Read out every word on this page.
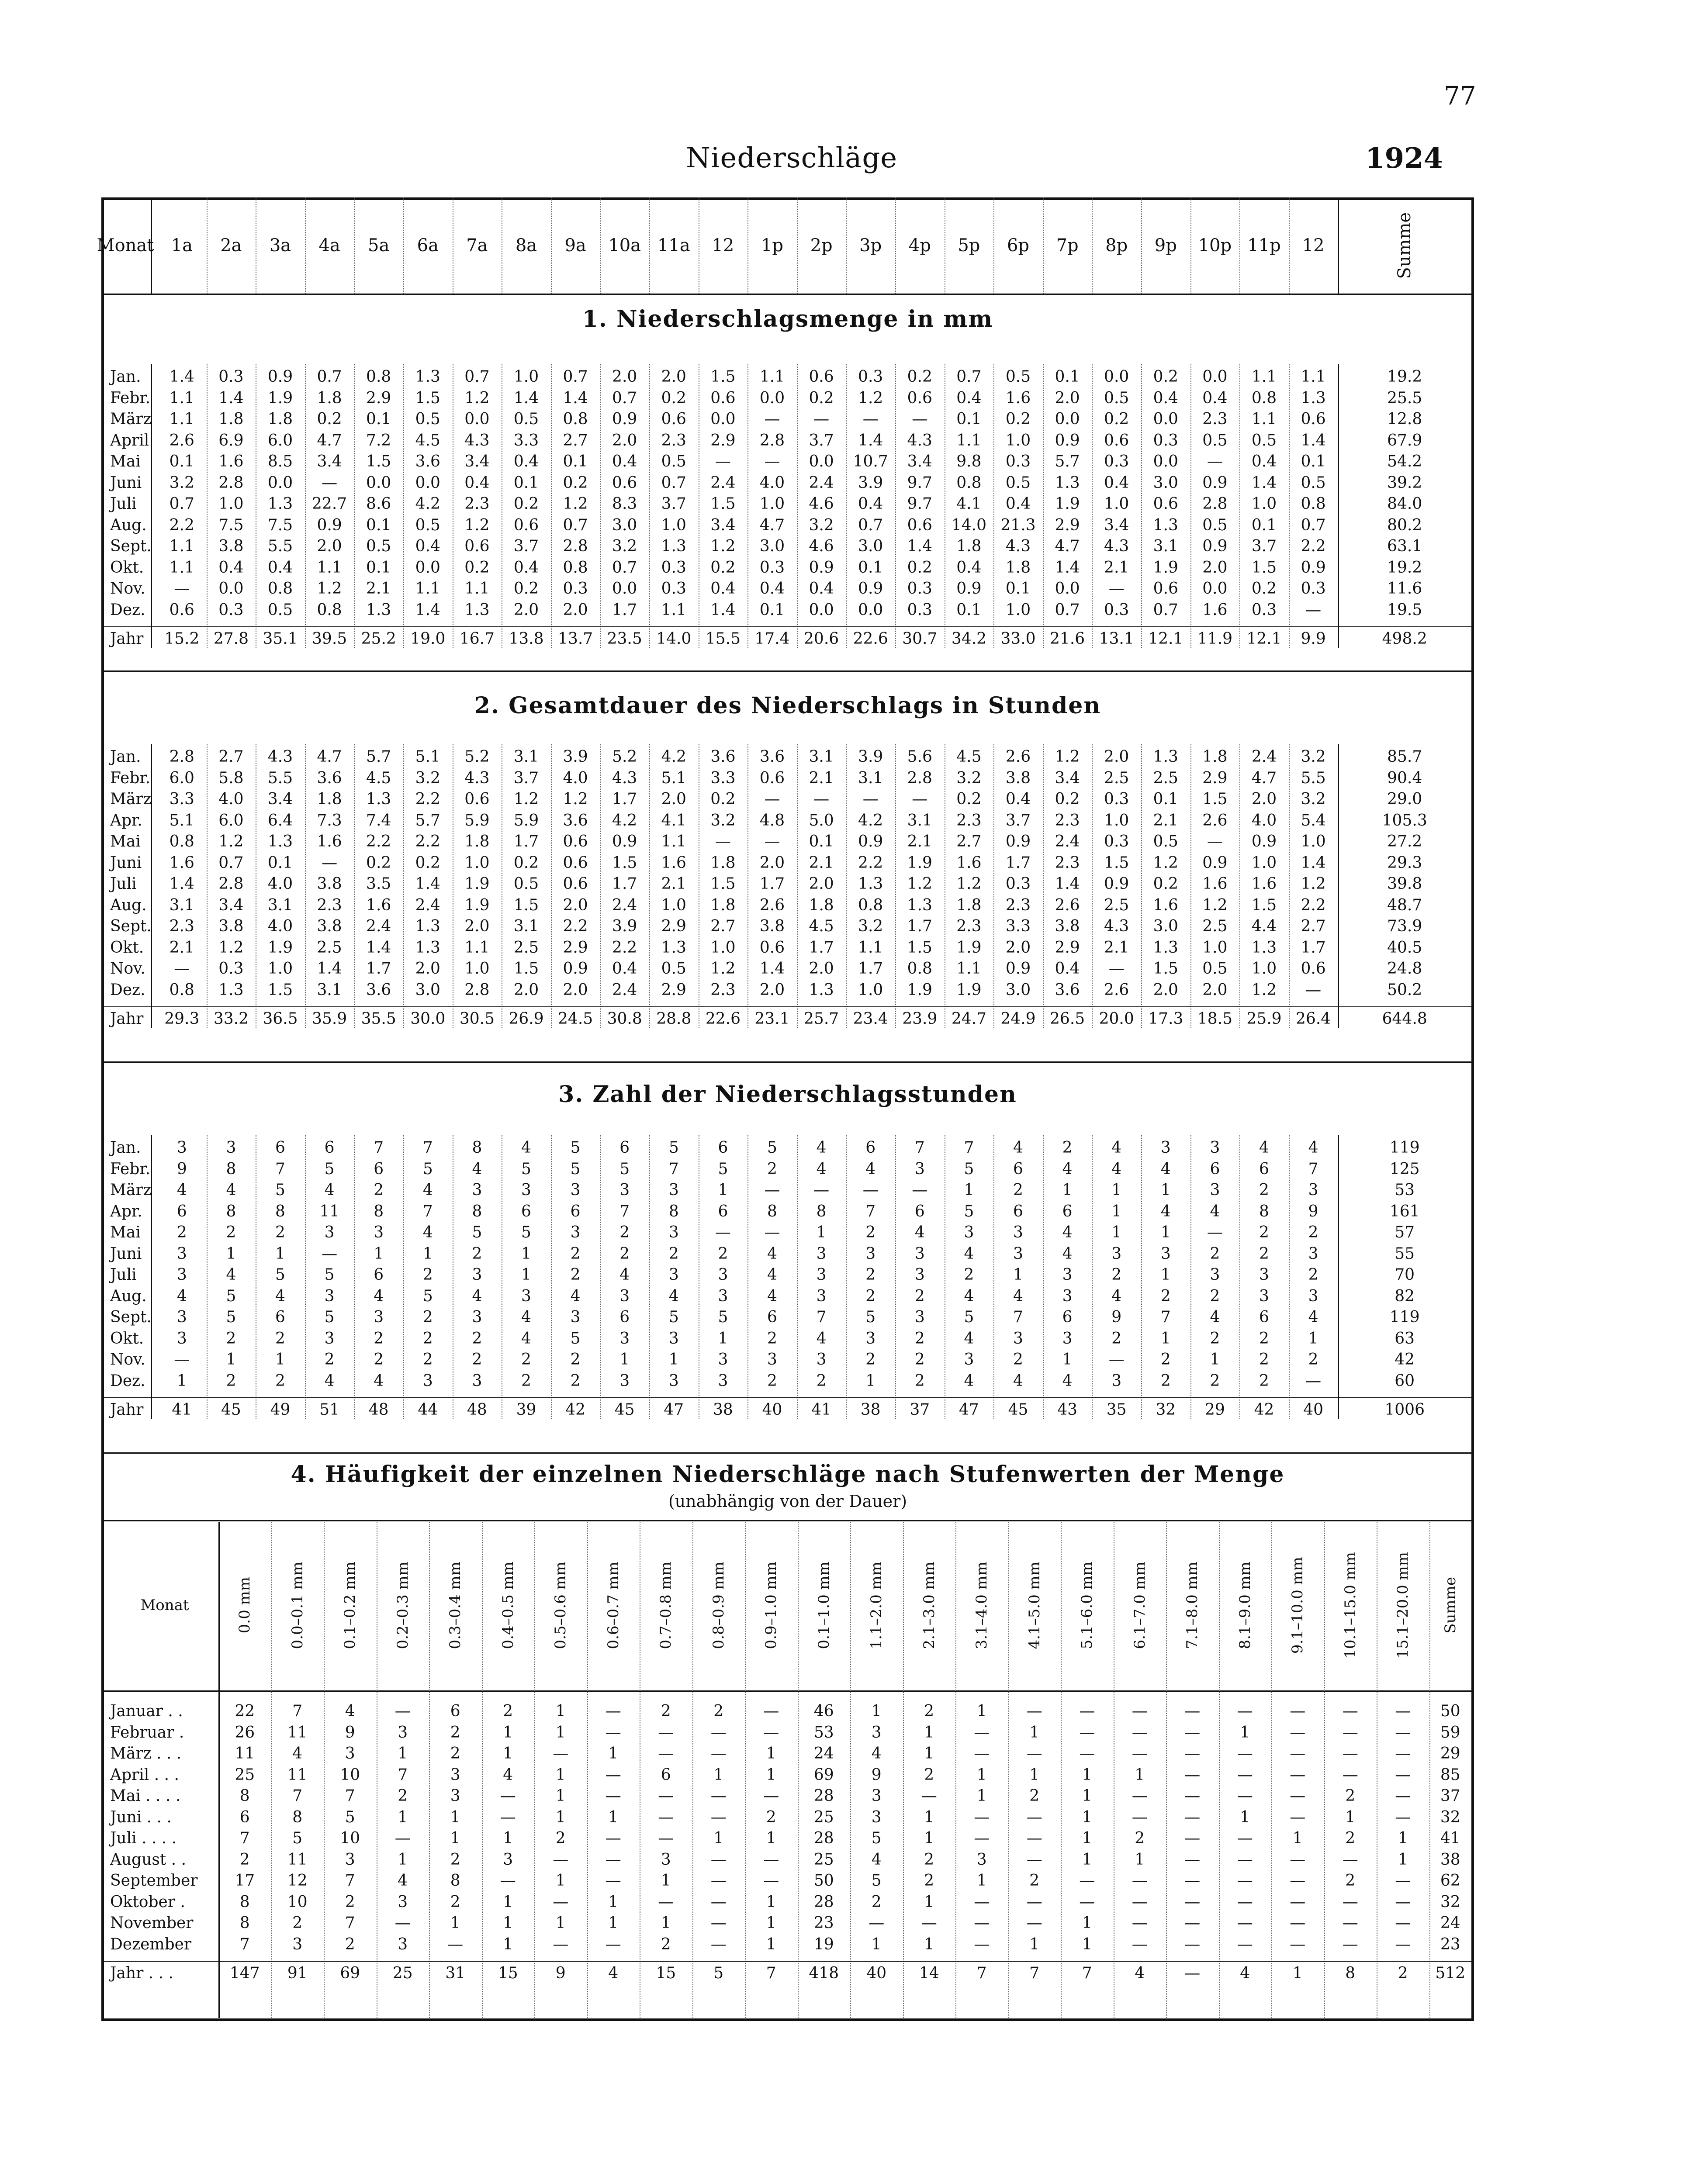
77
Niederschläge	1924
Monat 1a	2a	3a	4a	5a	6a	7a	8a	9a	10a 11a	12	1p	2p	3p	4p	5p	6p	7p	8p	9p	10p 11p	12	Summe
1. Niederschlagsmenge in mm
Jan.	1.4	0.3	0.9	0.7	0.8	1.3	0.7	1.0	0.7	2.0	2.0	1.5	1.1	0.6	0.3	0.2	0.7	0.5	0.1	0.0	0.2	0.0	1.1	1.1	19.2
Febr.	1.1	1.4	1.9	1.8	2.9	1.5	1.2	1.4	1.4	0.7	0.2	0.6	0.0	0.2	1.2	0.6	0.4	1.6	2.0	0.5	0.4	0.4	0.8	1.3	25.5
März	1.1	1.8	1.8	0.2	0.1	0.5	0.0	0.5	0.8	0.9	0.6	0.0	—	—	—	—	0.1	0.2	0.0	0.2	0.0	2.3	1.1	0.6	12.8
April	2.6	6.9	6.0	4.7	7.2	4.5	4.3	3.3	2.7	2.0	2.3	2.9	2.8	3.7	1.4	4.3	1.1	1.0	0.9	0.6	0.3	0.5	0.5	1.4	67.9
Mai	0.1	1.6	8.5	3.4	1.5	3.6	3.4	0.4	0.1	0.4	0.5	—	—	0.0	10.7	3.4	9.8	0.3	5.7	0.3	0.0	—	0.4	0.1	54.2
Juni	3.2	2.8	0.0	—	0.0	0.0	0.4	0.1	0.2	0.6	0.7	2.4	4.0	2.4	3.9	9.7	0.8	0.5	1.3	0.4	3.0	0.9	1.4	0.5	39.2
Juli	0.7	1.0	1.3	22.7	8.6	4.2	2.3	0.2	1.2	8.3	3.7	1.5	1.0	4.6	0.4	9.7	4.1	0.4	1.9	1.0	0.6	2.8	1.0	0.8	84.0
Aug.	2.2	7.5	7.5	0.9	0.1	0.5	1.2	0.6	0.7	3.0	1.0	3.4	4.7	3.2	0.7	0.6	14.0 21.3	2.9	3.4	1.3	0.5	0.1	0.7	80.2
Sept.	1.1	3.8	5.5	2.0	0.5	0.4	0.6	3.7	2.8	3.2	1.3	1.2	3.0	4.6	3.0	1.4	1.8	4.3	4.7	4.3	3.1	0.9	3.7	2.2	63.1
Okt.	1.1	0.4	0.4	1.1	0.1	0.0	0.2	0.4	0.8	0.7	0.3	0.2	0.3	0.9	0.1	0.2	0.4	1.8	1.4	2.1	1.9	2.0	1.5	0.9	19.2
Nov.	—	0.0	0.8	1.2	2.1	1.1	1.1	0.2	0.3	0.0	0.3	0.4	0.4	0.4	0.9	0.3	0.9	0.1	0.0	—	0.6	0.0	0.2	0.3	11.6
Dez.	0.6	0.3	0.5	0.8	1.3	1.4	1.3	2.0	2.0	1.7	1.1	1.4	0.1	0.0	0.0	0.3	0.1	1.0	0.7	0.3	0.7	1.6	0.3	—	19.5
Jahr	15.2 27.8 35.1 39.5 25.2 19.0 16.7 13.8 13.7 23.5 14.0 15.5 17.4 20.6 22.6 30.7 34.2 33.0 21.6 13.1 12.1 11.9 12.1	9.9	498.2
2. Gesamtdauer des Niederschlags in Stunden
Jan.	2.8	2.7	4.3	4.7	5.7	5.1	5.2	3.1	3.9	5.2	4.2	3.6	3.6	3.1	3.9	5.6	4.5	2.6	1.2	2.0	1.3	1.8	2.4	3.2	85.7
Febr.	6.0	5.8	5.5	3.6	4.5	3.2	4.3	3.7	4.0	4.3	5.1	3.3	0.6	2.1	3.1	2.8	3.2	3.8	3.4	2.5	2.5	2.9	4.7	5.5	90.4
März	3.3	4.0	3.4	1.8	1.3	2.2	0.6	1.2	1.2	1.7	2.0	0.2	—	—	—	—	0.2	0.4	0.2	0.3	0.1	1.5	2.0	3.2	29.0
Apr.	5.1	6.0	6.4	7.3	7.4	5.7	5.9	5.9	3.6	4.2	4.1	3.2	4.8	5.0	4.2	3.1	2.3	3.7	2.3	1.0	2.1	2.6	4.0	5.4	105.3
Mai	0.8	1.2	1.3	1.6	2.2	2.2	1.8	1.7	0.6	0.9	1.1	—	—	0.1	0.9	2.1	2.7	0.9	2.4	0.3	0.5	—	0.9	1.0	27.2
Juni	1.6	0.7	0.1	—	0.2	0.2	1.0	0.2	0.6	1.5	1.6	1.8	2.0	2.1	2.2	1.9	1.6	1.7	2.3	1.5	1.2	0.9	1.0	1.4	29.3
Juli	1.4	2.8	4.0	3.8	3.5	1.4	1.9	0.5	0.6	1.7	2.1	1.5	1.7	2.0	1.3	1.2	1.2	0.3	1.4	0.9	0.2	1.6	1.6	1.2	39.8
Aug.	3.1	3.4	3.1	2.3	1.6	2.4	1.9	1.5	2.0	2.4	1.0	1.8	2.6	1.8	0.8	1.3	1.8	2.3	2.6	2.5	1.6	1.2	1.5	2.2	48.7
Sept.	2.3	3.8	4.0	3.8	2.4	1.3	2.0	3.1	2.2	3.9	2.9	2.7	3.8	4.5	3.2	1.7	2.3	3.3	3.8	4.3	3.0	2.5	4.4	2.7	73.9
Okt.	2.1	1.2	1.9	2.5	1.4	1.3	1.1	2.5	2.9	2.2	1.3	1.0	0.6	1.7	1.1	1.5	1.9	2.0	2.9	2.1	1.3	1.0	1.3	1.7	40.5
Nov.	—	0.3	1.0	1.4	1.7	2.0	1.0	1.5	0.9	0.4	0.5	1.2	1.4	2.0	1.7	0.8	1.1	0.9	0.4	—	1.5	0.5	1.0	0.6	24.8
Dez.	0.8	1.3	1.5	3.1	3.6	3.0	2.8	2.0	2.0	2.4	2.9	2.3	2.0	1.3	1.0	1.9	1.9	3.0	3.6	2.6	2.0	2.0	1.2	—	50.2
Jahr	29.3 33.2 36.5 35.9 35.5 30.0 30.5 26.9 24.5 30.8 28.8 22.6 23.1 25.7 23.4 23.9 24.7 24.9 26.5 20.0 17.3 18.5 25.9 26.4	644.8
3. Zahl der Niederschlagsstunden
Jan.	3	3	6	6	7	7	8	4	5	6	5	6	5	4	6	7	7	4	2	4	3	3	4	4	119
Febr.	9	8	7	5	6	5	4	5	5	5	7	5	2	4	4	3	5	6	4	4	4	6	6	7	125
März	4	4	5	4	2	4	3	3	3	3	3	1	—	—	—	—	1	2	1	1	1	3	2	3	53
Apr.	6	8	8	11	8	7	8	6	6	7	8	6	8	8	7	6	5	6	6	1	4	4	8	9	161
Mai	2	2	2	3	3	4	5	5	3	2	3	—	—	1	2	4	3	3	4	1	1	—	2	2	57
Juni	3	1	1	—	1	1	2	1	2	2	2	2	4	3	3	3	4	3	4	3	3	2	2	3	55
Juli	3	4	5	5	6	2	3	1	2	4	3	3	4	3	2	3	2	1	3	2	1	3	3	2	70
Aug.	4	5	4	3	4	5	4	3	4	3	4	3	4	3	2	2	4	4	3	4	2	2	3	3	82
Sept.	3	5	6	5	3	2	3	4	3	6	5	5	6	7	5	3	5	7	6	9	7	4	6	4	119
Okt.	3	2	2	3	2	2	2	4	5	3	3	1	2	4	3	2	4	3	3	2	1	2	2	1	63
Nov.	—	1	1	2	2	2	2	2	2	1	1	3	3	3	2	2	3	2	1	—	2	1	2	2	42
Dez.	1	2	2	4	4	3	3	2	2	3	3	3	2	2	1	2	4	4	4	3	2	2	2	—	60
Jahr	41	45	49	51	48	44	48	39	42	45	47	38	40	41	38	37	47	45	43	35	32	29	42	40	1006
4. Häufigkeit der einzelnen Niederschläge nach Stufenwerten der Menge
(unabhängig von der Dauer)
Monat	0.0 mm 0.0–0.1 mm 0.1–0.2 mm 0.2–0.3 mm 0.3–0.4 mm 0.4–0.5 mm 0.5–0.6 mm 0.6–0.7 mm 0.7–0.8 mm 0.8–0.9 mm 0.9–1.0 mm 0.1–1.0 mm 1.1–2.0 mm 2.1–3.0 mm 3.1–4.0 mm 4.1–5.0 mm 5.1–6.0 mm 6.1–7.0 mm 7.1–8.0 mm 8.1–9.0 mm 9.1–10.0 mm 10.1–15.0 mm 15.1–20.0 mm Summe
Januar . .	22	7	4	—	6	2	1	—	2	2	—	46	1	2	1	—	—	—	—	—	—	—	—	50
Februar .	26	11	9	3	2	1	1	—	—	—	—	53	3	1	—	1	—	—	—	1	—	—	—	59
März . . .	11	4	3	1	2	1	—	1	—	—	1	24	4	1	—	—	—	—	—	—	—	—	—	29
April . . .	25	11	10	7	3	4	1	—	6	1	1	69	9	2	1	1	1	1	—	—	—	—	—	85
Mai . . . .	8	7	7	2	3	—	1	—	—	—	—	28	3	—	1	2	1	—	—	—	—	2	—	37
Juni . . .	6	8	5	1	1	—	1	1	—	—	2	25	3	1	—	—	1	—	—	1	—	1	—	32
Juli . . . .	7	5	10	—	1	1	2	—	—	1	1	28	5	1	—	—	1	2	—	—	1	2	1	41
August . .	2	11	3	1	2	3	—	—	3	—	—	25	4	2	3	—	1	1	—	—	—	—	1	38
September	17	12	7	4	8	—	1	—	1	—	—	50	5	2	1	2	—	—	—	—	—	2	—	62
Oktober .	8	10	2	3	2	1	—	1	—	—	1	28	2	1	—	—	—	—	—	—	—	—	—	32
November	8	2	7	—	1	1	1	1	1	—	1	23	—	—	—	—	1	—	—	—	—	—	—	24
Dezember	7	3	2	3	—	1	—	—	2	—	1	19	1	1	—	1	1	—	—	—	—	—	—	23
Jahr . . .	147	91	69	25	31	15	9	4	15	5	7	418	40	14	7	7	7	4	—	4	1	8	2	512
